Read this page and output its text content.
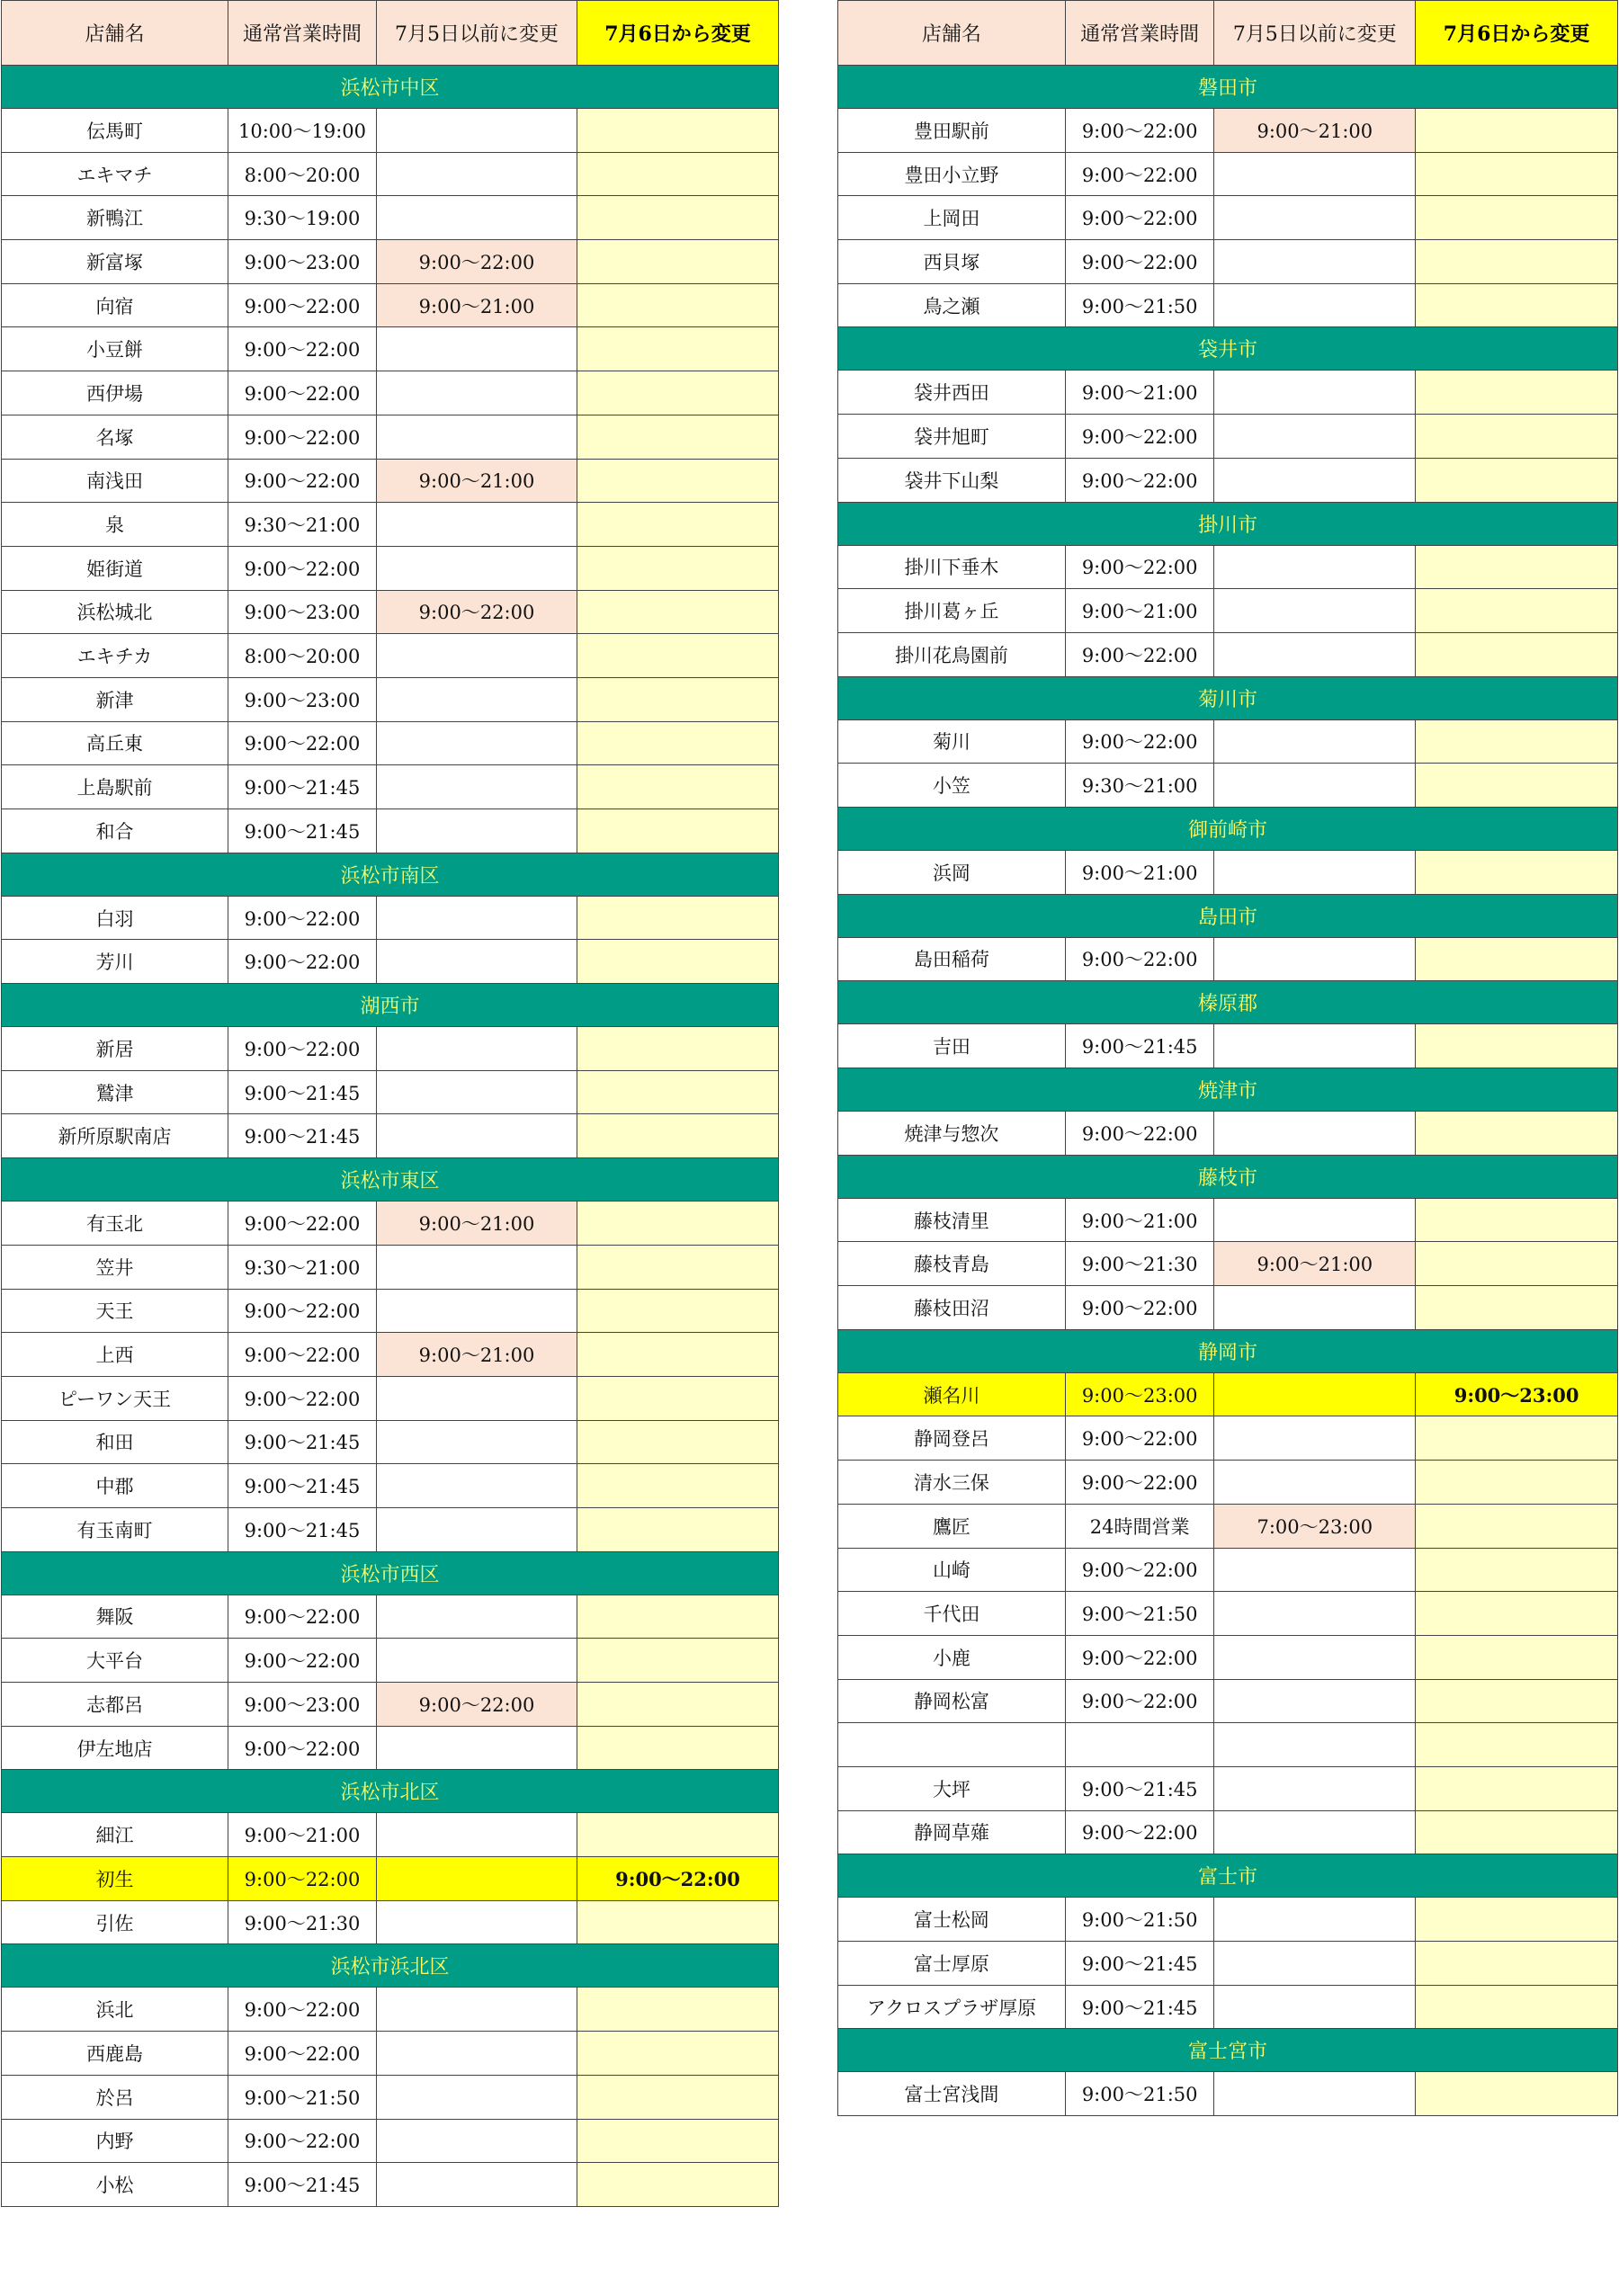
店舗名	通常営業時間	7月5日以前に変更	7月6日から変更
浜松市中区			
伝馬町	10:00～19:00		
エキマチ	8:00～20:00		
新鴨江	9:30～19:00		
新富塚	9:00～23:00	9:00～22:00	
向宿	9:00～22:00	9:00～21:00	
小豆餅	9:00～22:00		
西伊場	9:00～22:00		
名塚	9:00～22:00		
南浅田	9:00～22:00	9:00～21:00	
泉	9:30～21:00		
姫街道	9:00～22:00		
浜松城北	9:00～23:00	9:00～22:00	
エキチカ	8:00～20:00		
新津	9:00～23:00		
高丘東	9:00～22:00		
上島駅前	9:00～21:45		
和合	9:00～21:45		
浜松市南区			
白羽	9:00～22:00		
芳川	9:00～22:00		
湖西市			
新居	9:00～22:00		
鷲津	9:00～21:45		
新所原駅南店	9:00～21:45		
浜松市東区			
有玉北	9:00～22:00	9:00～21:00	
笠井	9:30～21:00		
天王	9:00～22:00		
上西	9:00～22:00	9:00～21:00	
ピーワン天王	9:00～22:00		
和田	9:00～21:45		
中郡	9:00～21:45		
有玉南町	9:00～21:45		
浜松市西区			
舞阪	9:00～22:00		
大平台	9:00～22:00		
志都呂	9:00～23:00	9:00～22:00	
伊左地店	9:00～22:00		
浜松市北区			
細江	9:00～21:00		
初生	9:00～22:00		9:00～22:00
引佐	9:00～21:30		
浜松市浜北区			
浜北	9:00～22:00		
西鹿島	9:00～22:00		
於呂	9:00～21:50		
内野	9:00～22:00		
小松	9:00～21:45		
店舗名	通常営業時間	7月5日以前に変更	7月6日から変更
磐田市			
豊田駅前	9:00～22:00	9:00～21:00	
豊田小立野	9:00～22:00		
上岡田	9:00～22:00		
西貝塚	9:00～22:00		
鳥之瀬	9:00～21:50		
袋井市			
袋井西田	9:00～21:00		
袋井旭町	9:00～22:00		
袋井下山梨	9:00～22:00		
掛川市			
掛川下垂木	9:00～22:00		
掛川葛ヶ丘	9:00～21:00		
掛川花鳥園前	9:00～22:00		
菊川市			
菊川	9:00～22:00		
小笠	9:30～21:00		
御前崎市			
浜岡	9:00～21:00		
島田市			
島田稲荷	9:00～22:00		
榛原郡			
吉田	9:00～21:45		
焼津市			
焼津与惣次	9:00～22:00		
藤枝市			
藤枝清里	9:00～21:00		
藤枝青島	9:00～21:30	9:00～21:00	
藤枝田沼	9:00～22:00		
静岡市			
瀬名川	9:00～23:00		9:00～23:00
静岡登呂	9:00～22:00		
清水三保	9:00～22:00		
鷹匠	24時間営業	7:00～23:00	
山崎	9:00～22:00		
千代田	9:00～21:50		
小鹿	9:00～22:00		
静岡松富	9:00～22:00		

大坪	9:00～21:45		
静岡草薙	9:00～22:00		
富士市			
富士松岡	9:00～21:50		
富士厚原	9:00～21:45		
アクロスプラザ厚原	9:00～21:45		
富士宮市			
富士宮浅間	9:00～21:50		
